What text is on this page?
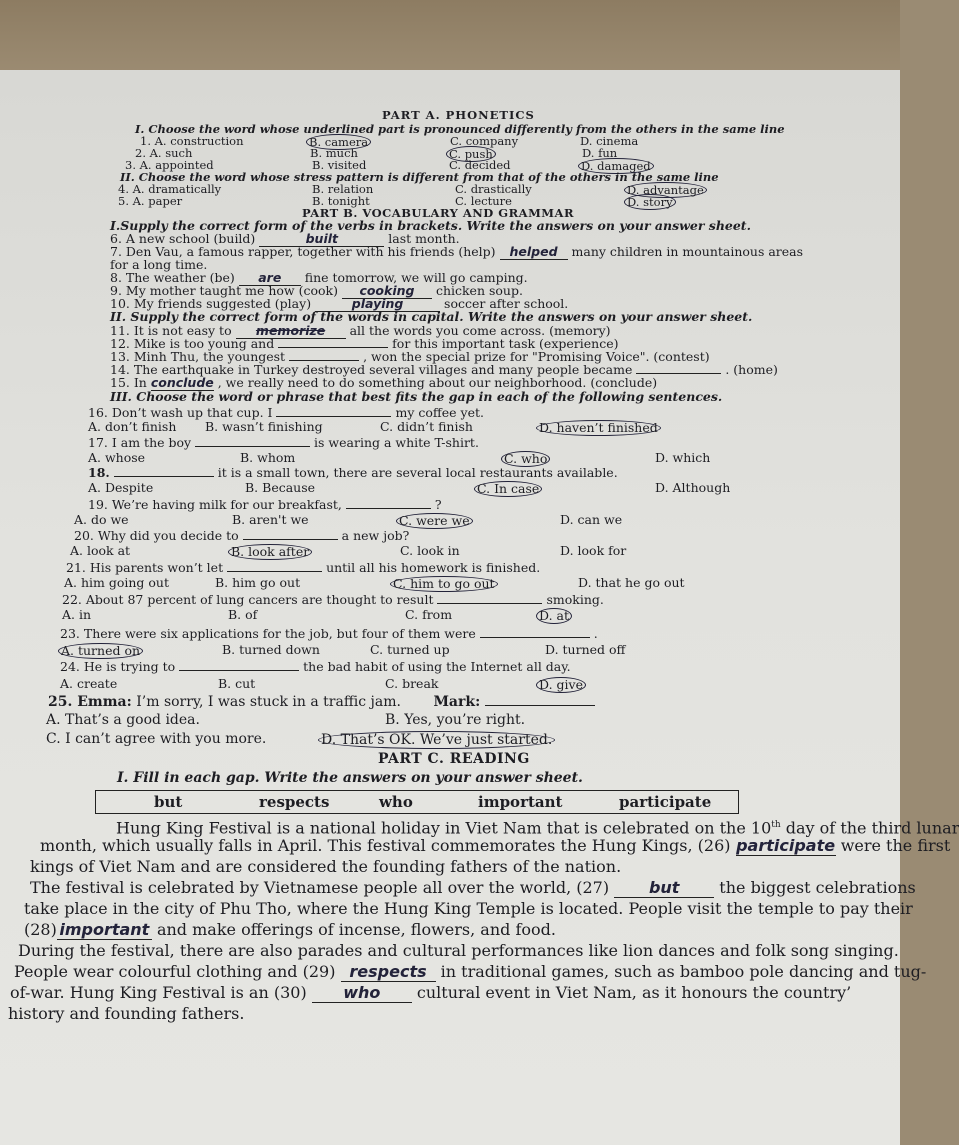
PART A. PHONETICS
I. Choose the word whose underlined part is pronounced differently from the others in the same line
1. A. construction	B. camera	C. company	D. cinema
2. A. such	B. much	C. push	D. fun
3. A. appointed	B. visited	C. decided	D. damaged
II. Choose the word whose stress pattern is different from that of the others in the same line
4. A. dramatically	B. relation	C. drastically	D. advantage
5. A. paper	B. tonight	C. lecture	D. story
PART B. VOCABULARY AND GRAMMAR
I.Supply the correct form of the verbs in brackets. Write the answers on your answer sheet.
6. A new school (build)	built	last month.
7. Den Vau, a famous rapper, together with his friends (help) helped many children in mountainous areas
for a long time.
8. The weather (be) are fine tomorrow, we will go camping.
9. My mother taught me how (cook) cooking chicken soup.
10. My friends suggested (play)	playing	soccer after school.
II. Supply the correct form of the words in capital. Write the answers on your answer sheet.
11. It is not easy to memorize all the words you come across. (memory)
12. Mike is too young and	for this important task (experience)
13. Minh Thu, the youngest	, won the special prize for "Promising Voice". (contest)
14. The earthquake in Turkey destroyed several villages and many people became	. (home)
15. In conclude , we really need to do something about our neighborhood. (conclude)
III. Choose the word or phrase that best fits the gap in each of the following sentences.
16. Don’t wash up that cup. I	my coffee yet.
A. don’t finish B. wasn’t finishing	C. didn’t finish	D. haven’t finished
17. I am the boy	is wearing a white T-shirt.
A. whose	B. whom	C. who	D. which
18.	it is a small town, there are several local restaurants available.
A. Despite	B. Because	C. In case	D. Although
19. We’re having milk for our breakfast,	?
A. do we	B. aren't we	C. were we	D. can we
20. Why did you decide to	a new job?
A. look at	B. look after	C. look in	D. look for
21. His parents won’t let	until all his homework is finished.
A. him going out	B. him go out	C. him to go out	D. that he go out
22. About 87 percent of lung cancers are thought to result	smoking.
A. in	B. of	C. from	D. at
23. There were six applications for the job, but four of them were	.
A. turned on	B. turned down	C. turned up	D. turned off
24. He is trying to	the bad habit of using the Internet all day.
A. create	B. cut	C. break	D. give
25. Emma: I’m sorry, I was stuck in a traffic jam. Mark:
A. That’s a good idea.	B. Yes, you’re right.
C. I can’t agree with you more.	D. That’s OK. We’ve just started.
PART C. READING
I. Fill in each gap. Write the answers on your answer sheet.
but	respects	who	important	participate
Hung King Festival is a national holiday in Viet Nam that is celebrated on the 10th day of the third lunar
month, which usually falls in April. This festival commemorates the Hung Kings, (26) participate were the first
kings of Viet Nam and are considered the founding fathers of the nation.
The festival is celebrated by Vietnamese people all over the world, (27) but the biggest celebrations
take place in the city of Phu Tho, where the Hung King Temple is located. People visit the temple to pay their
(28) important and make offerings of incense, flowers, and food.
During the festival, there are also parades and cultural performances like lion dances and folk song singing.
People wear colourful clothing and (29) respects in traditional games, such as bamboo pole dancing and tug-
of-war. Hung King Festival is an (30) who cultural event in Viet Nam, as it honours the country’
history and founding fathers.
